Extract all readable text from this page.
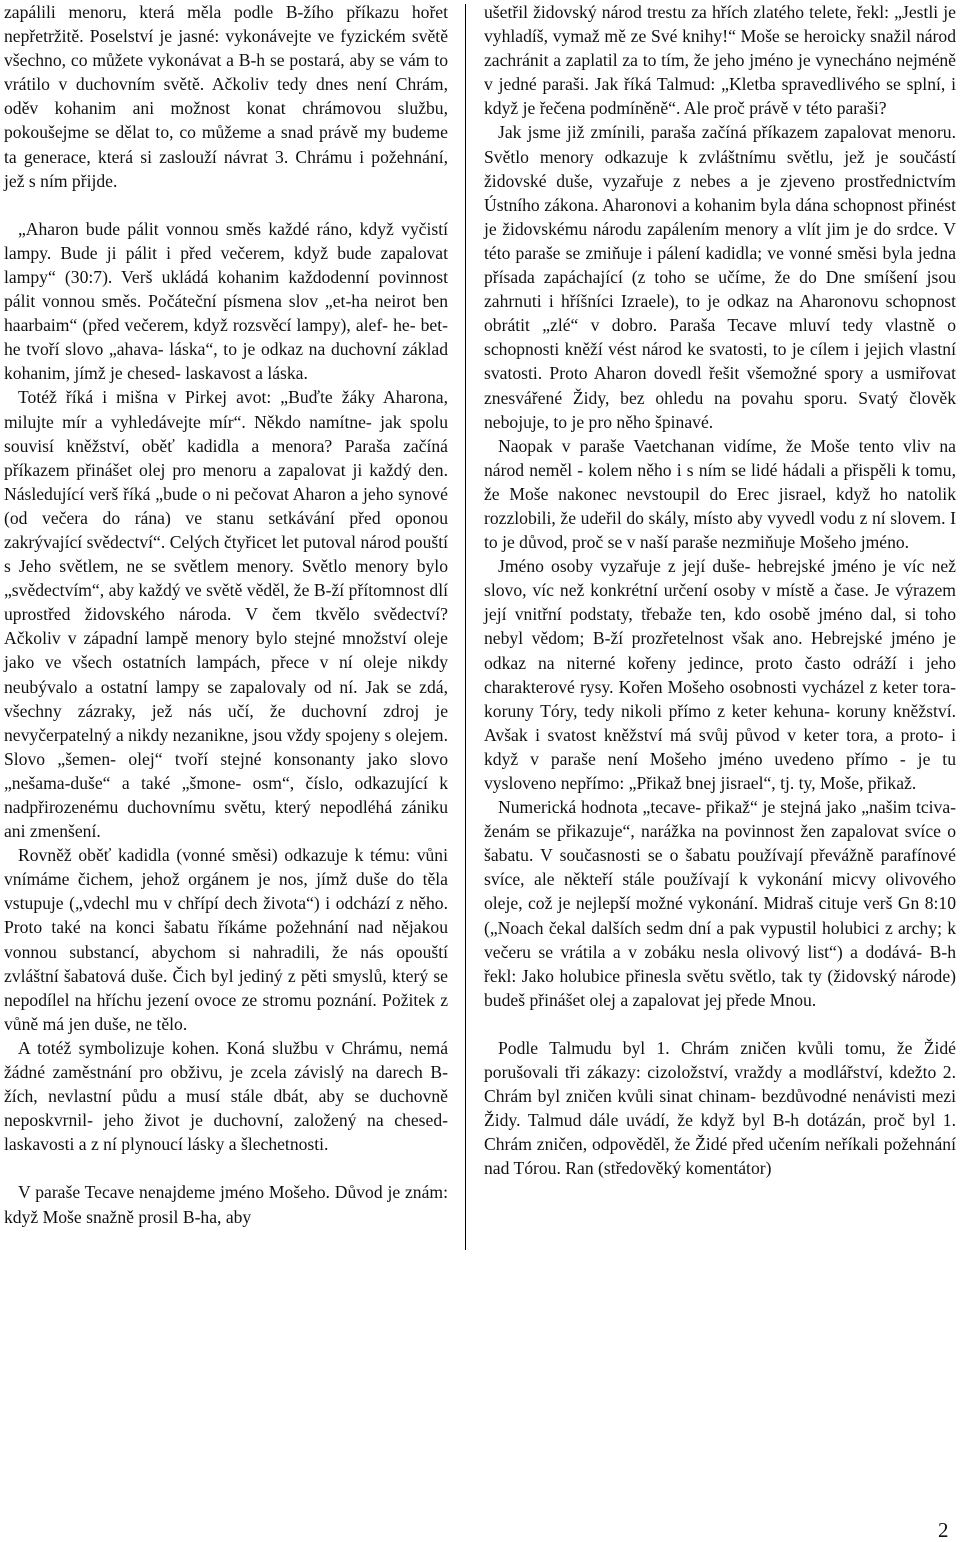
zapálili menoru, která měla podle B-žího příkazu hořet nepřetržitě. Poselství je jasné: vykonávejte ve fyzickém světě všechno, co můžete vykonávat a B-h se postará, aby se vám to vrátilo v duchovním světě. Ačkoliv tedy dnes není Chrám, oděv kohanim ani možnost konat chrámovou službu, pokoušejme se dělat to, co můžeme a snad právě my budeme ta generace, která si zaslouží návrat 3. Chrámu i požehnání, jež s ním přijde.

„Aharon bude pálit vonnou směs každé ráno, když vyčistí lampy. Bude ji pálit i před večerem, když bude zapalovat lampy“ (30:7). Verš ukládá kohanim každodenní povinnost pálit vonnou směs. Počáteční písmena slov „et-ha neirot ben haarbaim“ (před večerem, když rozsvěcí lampy), alef- he- bet- he tvoří slovo „ahava- láska“, to je odkaz na duchovní základ kohanim, jímž je chesed- laskavost a láska.

Totéž říká i mišna v Pirkej avot: „Buďte žáky Aharona, milujte mír a vyhledávejte mír“. Někdo namítne- jak spolu souvisí kněžství, oběť kadidla a menora? Paraša začíná příkazem přinášet olej pro menoru a zapalovat ji každý den. Následující verš říká „bude o ni pečovat Aharon a jeho synové (od večera do rána) ve stanu setkávání před oponou zakrývající svědectví“. Celých čtyřicet let putoval národ pouští s Jeho světlem, ne se světlem menory. Světlo menory bylo „svědectvím“, aby každý ve světě věděl, že B-ží přítomnost dlí uprostřed židovského národa. V čem tkvělo svědectví? Ačkoliv v západní lampě menory bylo stejné množství oleje jako ve všech ostatních lampách, přece v ní oleje nikdy neubývalo a ostatní lampy se zapalovaly od ní. Jak se zdá, všechny zázraky, jež nás učí, že duchovní zdroj je nevyčerpatelný a nikdy nezanikne, jsou vždy spojeny s olejem. Slovo „šemen- olej“ tvoří stejné konsonanty jako slovo „nešama-duše“ a také „šmone- osm“, číslo, odkazující k nadpřirozenému duchovnímu světu, který nepodléhá zániku ani zmenšení.

Rovněž oběť kadidla (vonné směsi) odkazuje k tému: vůni vnímáme čichem, jehož orgánem je nos, jímž duše do těla vstupuje („vdechl mu v chřípí dech života“) i odchází z něho. Proto také na konci šabatu říkáme požehnání nad nějakou vonnou substancí, abychom si nahradili, že nás opouští zvláštní šabatová duše. Čich byl jediný z pěti smyslů, který se nepodílel na hříchu jezení ovoce ze stromu poznání. Požitek z vůně má jen duše, ne tělo.

A totéž symbolizuje kohen. Koná službu v Chrámu, nemá žádné zaměstnání pro obživu, je zcela závislý na darech B-žích, nevlastní půdu a musí stále dbát, aby se duchovně neposkvrnil- jeho život je duchovní, založený na chesed- laskavosti a z ní plynoucí lásky a šlechetnosti.

V paraše Tecave nenajdeme jméno Mošeho. Důvod je znám: když Moše snažně prosil B-ha, aby

ušetřil židovský národ trestu za hřích zlatého telete, řekl: „Jestli je vyhladíš, vymaž mě ze Své knihy!“ Moše se heroicky snažil národ zachránit a zaplatil za to tím, že jeho jméno je vynecháno nejméně v jedné paraši. Jak říká Talmud: „Kletba spravedlivého se splní, i když je řečena podmíněně“. Ale proč právě v této paraši?

Jak jsme již zmínili, paraša začíná příkazem zapalovat menoru. Světlo menory odkazuje k zvláštnímu světlu, jež je součástí židovské duše, vyzařuje z nebes a je zjeveno prostřednictvím Ústního zákona. Aharonovi a kohanim byla dána schopnost přinést je židovskému národu zapálením menory a vlít jim je do srdce. V této paraše se zmiňuje i pálení kadidla; ve vonné směsi byla jedna přísada zapáchající (z toho se učíme, že do Dne smíšení jsou zahrnuti i hříšníci Izraele), to je odkaz na Aharonovu schopnost obrátit „zlé“ v dobro. Paraša Tecave mluví tedy vlastně o schopnosti kněží vést národ ke svatosti, to je cílem i jejich vlastní svatosti. Proto Aharon dovedl řešit všemožné spory a usmiřovat znesvářené Židy, bez ohledu na povahu sporu. Svatý člověk nebojuje, to je pro něho špinavé.

Naopak v paraše Vaetchanan vidíme, že Moše tento vliv na národ neměl - kolem něho i s ním se lidé hádali a přispěli k tomu, že Moše nakonec nevstoupil do Erec jisrael, když ho natolik rozzlobili, že udeřil do skály, místo aby vyvedl vodu z ní slovem. I to je důvod, proč se v naší paraše nezmiňuje Mošeho jméno.

Jméno osoby vyzařuje z její duše- hebrejské jméno je víc než slovo, víc než konkrétní určení osoby v místě a čase. Je výrazem její vnitřní podstaty, třebaže ten, kdo osobě jméno dal, si toho nebyl vědom; B-ží prozřetelnost však ano. Hebrejské jméno je odkaz na niterné kořeny jedince, proto často odráží i jeho charakterové rysy. Kořen Mošeho osobnosti vycházel z keter tora- koruny Tóry, tedy nikoli přímo z keter kehuna- koruny kněžství. Avšak i svatost kněžství má svůj původ v keter tora, a proto- i když v paraše není Mošeho jméno uvedeno přímo - je tu vysloveno nepřímo: „Přikaž bnej jisrael“, tj. ty, Moše, přikaž.

Numerická hodnota „tecave- přikaž“ je stejná jako „našim tciva- ženám se přikazuje“, narážka na povinnost žen zapalovat svíce o šabatu. V současnosti se o šabatu používají převážně parafínové svíce, ale někteří stále používají k vykonání micvy olivového oleje, což je nejlepší možné vykonání. Midraš cituje verš Gn 8:10 („Noach čekal dalších sedm dní a pak vypustil holubici z archy; k večeru se vrátila a v zobáku nesla olivový list“) a dodává- B-h řekl: Jako holubice přinesla světu světlo, tak ty (židovský národe) budeš přinášet olej a zapalovat jej přede Mnou.

Podle Talmudu byl 1. Chrám zničen kvůli tomu, že Židé porušovali tři zákazy: cizoložství, vraždy a modlářství, kdežto 2. Chrám byl zničen kvůli sinat chinam- bezdůvodné nenávisti mezi Židy. Talmud dále uvádí, že když byl B-h dotázán, proč byl 1. Chrám zničen, odpověděl, že Židé před učením neříkali požehnání nad Tórou. Ran (středověký komentátor)

2
